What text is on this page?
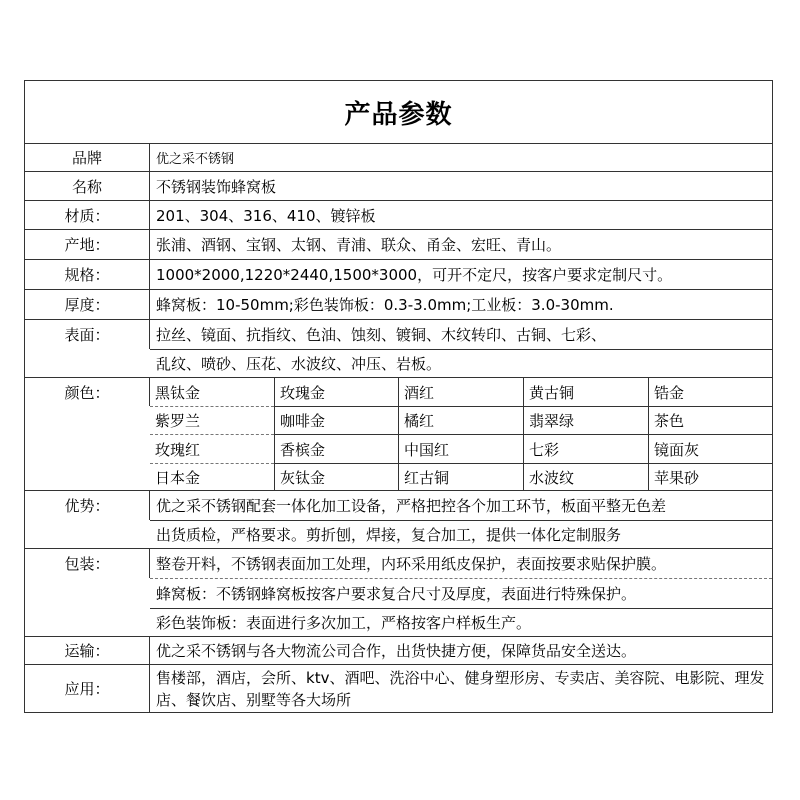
产品参数
品牌	优之采不锈钢
名称	不锈钢装饰蜂窝板
材质：	201、304、316、410、镀锌板
产地：	张浦、酒钢、宝钢、太钢、青浦、联众、甬金、宏旺、青山。
规格：	1000*2000,1220*2440,1500*3000，可开不定尺，按客户要求定制尺寸。
厚度：	蜂窝板：10-50mm;彩色装饰板：0.3-3.0mm;工业板：3.0-30mm.
表面：	拉丝、镜面、抗指纹、色油、蚀刻、镀铜、木纹转印、古铜、七彩、
乱纹、喷砂、压花、水波纹、冲压、岩板。
颜色：	黑钛金	玫瑰金	酒红	黄古铜	锆金
紫罗兰	咖啡金	橘红	翡翠绿	茶色
玫瑰红	香槟金	中国红	七彩	镜面灰
日本金	灰钛金	红古铜	水波纹	苹果砂
优势：	优之采不锈钢配套一体化加工设备，严格把控各个加工环节，板面平整无色差
出货质检，严格要求。剪折刨，焊接，复合加工，提供一体化定制服务
包装：	整卷开料，不锈钢表面加工处理，内环采用纸皮保护，表面按要求贴保护膜。
蜂窝板：不锈钢蜂窝板按客户要求复合尺寸及厚度，表面进行特殊保护。
彩色装饰板：表面进行多次加工，严格按客户样板生产。
运输：	优之采不锈钢与各大物流公司合作，出货快捷方便，保障货品安全送达。
应用：
售楼部，酒店，会所、ktv、酒吧、洗浴中心、健身塑形房、专卖店、美容院、电影院、理发店、餐饮店、别墅等各大场所
